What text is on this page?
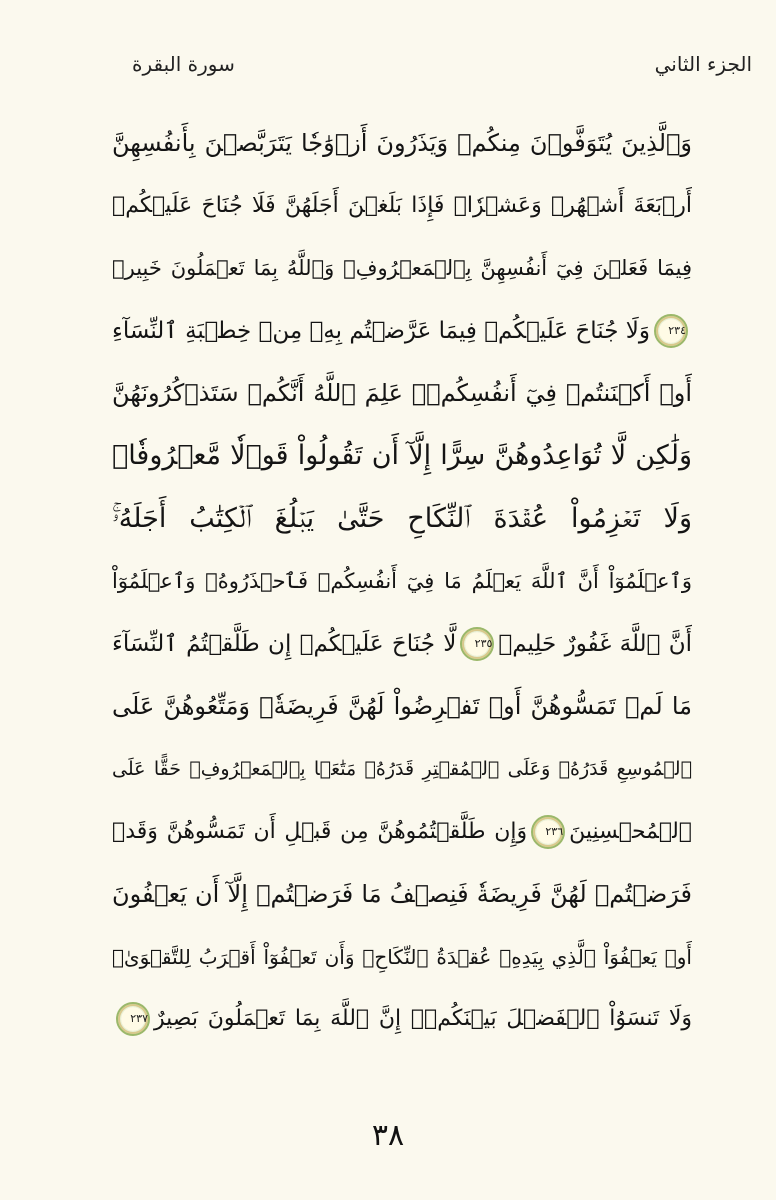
الجزء الثاني
سورة البقرة
وَٱلَّذِينَ يُتَوَفَّوۡنَ مِنكُمۡ وَيَذَرُونَ أَزۡوَٰجٗا يَتَرَبَّصۡنَ بِأَنفُسِهِنَّ
أَرۡبَعَةَ أَشۡهُرٖ وَعَشۡرٗاۖ فَإِذَا بَلَغۡنَ أَجَلَهُنَّ فَلَا جُنَاحَ عَلَيۡكُمۡ
فِيمَا فَعَلۡنَ فِيٓ أَنفُسِهِنَّ بِٱلۡمَعۡرُوفِۗ وَٱللَّهُ بِمَا تَعۡمَلُونَ خَبِيرٞ
٢٣٤وَلَا جُنَاحَ عَلَيۡكُمۡ فِيمَا عَرَّضۡتُم بِهِۦ مِنۡ خِطۡبَةِ ٱلنِّسَآءِ
أَوۡ أَكۡنَنتُمۡ فِيٓ أَنفُسِكُمۡۚ عَلِمَ ٱللَّهُ أَنَّكُمۡ سَتَذۡكُرُونَهُنَّ
وَلَٰكِن لَّا تُوَاعِدُوهُنَّ سِرًّا إِلَّآ أَن تَقُولُواْ قَوۡلٗا مَّعۡرُوفٗاۚ
وَلَا تَعۡزِمُواْ عُقۡدَةَ ٱلنِّكَاحِ حَتَّىٰ يَبۡلُغَ ٱلۡكِتَٰبُ أَجَلَهُۥۚ
وَٱعۡلَمُوٓاْ أَنَّ ٱللَّهَ يَعۡلَمُ مَا فِيٓ أَنفُسِكُمۡ فَٱحۡذَرُوهُۚ وَٱعۡلَمُوٓاْ
أَنَّ ٱللَّهَ غَفُورٌ حَلِيمٞ٢٣٥لَّا جُنَاحَ عَلَيۡكُمۡ إِن طَلَّقۡتُمُ ٱلنِّسَآءَ
مَا لَمۡ تَمَسُّوهُنَّ أَوۡ تَفۡرِضُواْ لَهُنَّ فَرِيضَةٗۚ وَمَتِّعُوهُنَّ عَلَى
ٱلۡمُوسِعِ قَدَرُهُۥ وَعَلَى ٱلۡمُقۡتِرِ قَدَرُهُۥ مَتَٰعَۢا بِٱلۡمَعۡرُوفِۖ حَقًّا عَلَى
ٱلۡمُحۡسِنِينَ٢٣٦وَإِن طَلَّقۡتُمُوهُنَّ مِن قَبۡلِ أَن تَمَسُّوهُنَّ وَقَدۡ
فَرَضۡتُمۡ لَهُنَّ فَرِيضَةٗ فَنِصۡفُ مَا فَرَضۡتُمۡ إِلَّآ أَن يَعۡفُونَ
أَوۡ يَعۡفُوَاْ ٱلَّذِي بِيَدِهِۦ عُقۡدَةُ ٱلنِّكَاحِۚ وَأَن تَعۡفُوٓاْ أَقۡرَبُ لِلتَّقۡوَىٰۚ
وَلَا تَنسَوُاْ ٱلۡفَضۡلَ بَيۡنَكُمۡۚ إِنَّ ٱللَّهَ بِمَا تَعۡمَلُونَ بَصِيرٌ٢٣٧
٣٨
